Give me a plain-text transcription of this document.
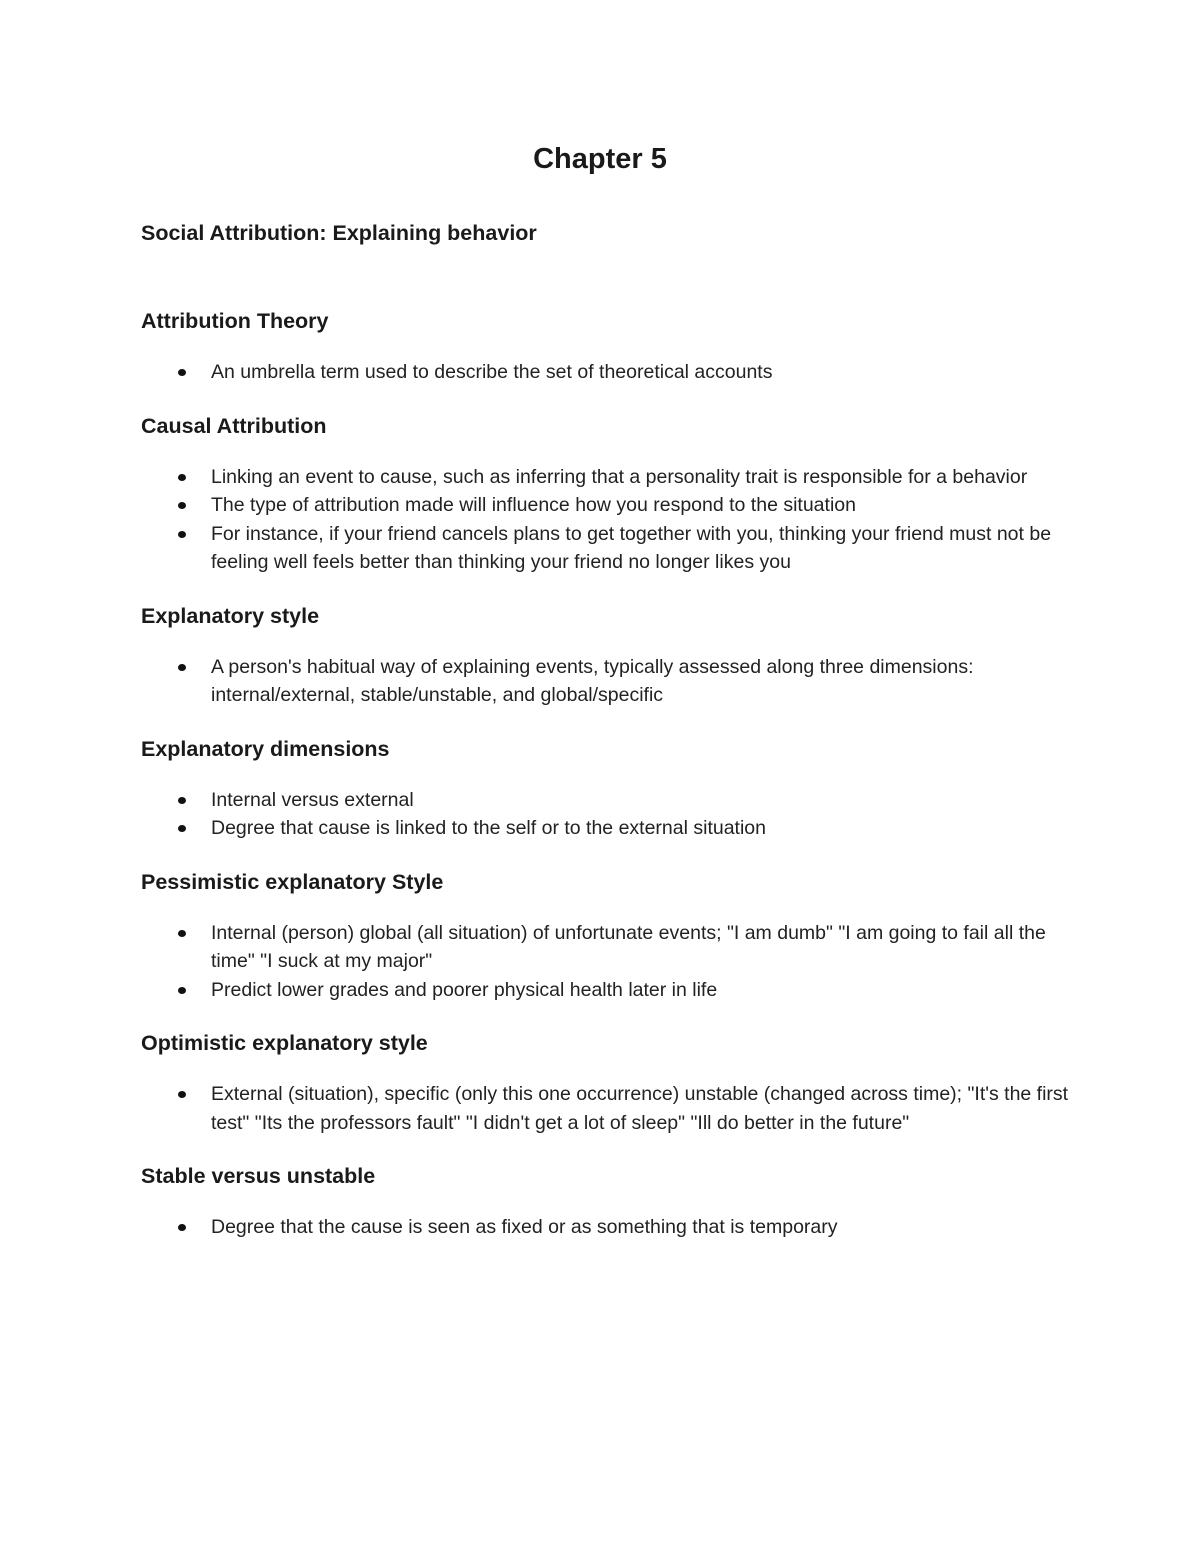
Chapter 5
Social Attribution: Explaining behavior
Attribution Theory
An umbrella term used to describe the set of theoretical accounts
Causal Attribution
Linking an event to cause, such as inferring that a personality trait is responsible for a behavior
The type of attribution made will influence how you respond to the situation
For instance, if your friend cancels plans to get together with you, thinking your friend must not be feeling well feels better than thinking your friend no longer likes you
Explanatory style
A person's habitual way of explaining events, typically assessed along three dimensions: internal/external, stable/unstable, and global/specific
Explanatory dimensions
Internal versus external
Degree that cause is linked to the self or to the external situation
Pessimistic explanatory Style
Internal (person) global (all situation) of unfortunate events; "I am dumb" "I am going to fail all the time" "I suck at my major"
Predict lower grades and poorer physical health later in life
Optimistic explanatory style
External (situation), specific (only this one occurrence) unstable (changed across time); "It's the first test" "Its the professors fault" "I didn't get a lot of sleep" "Ill do better in the future"
Stable versus unstable
Degree that the cause is seen as fixed or as something that is temporary
